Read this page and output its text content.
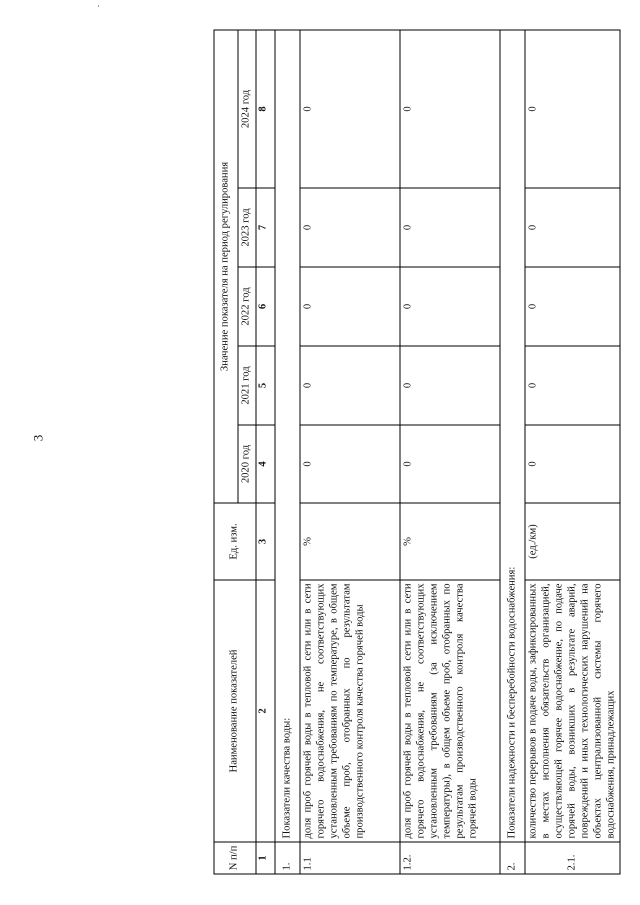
ˋ
3
N п/п	Наименование показателей	Ед. изм.	Значение показателя на период регулирования				
			2020 год	2021 год	2022 год	2023 год	2024 год
1	2	3	4	5	6	7	8
1.	Показатели качества воды:						
1.1	доля проб горячей воды в тепловой сети или в сети горячего водоснабжения, не соответствующих установленным требованиям по температуре, в общем объеме проб, отобранных по результатам производственного контроля качества горячей воды	%	0	0	0	0	0
1.2.	доля проб горячей воды в тепловой сети или в сети горячего водоснабжения, не соответствующих установленным требованиям (за исключением температуры), в общем объеме проб, отобранных по результатам производственного контроля качества горячей воды	%	0	0	0	0	0
2.	Показатели надежности и бесперебойности водоснабжения:						
2.1.	количество перерывов в подаче воды, зафиксированных в местах исполнения обязательств организацией, осуществляющей горячее водоснабжение, по подаче горячей воды, возникших в результате аварий, повреждений и иных технологических нарушений на объектах централизованной системы горячего водоснабжения, принадлежащих	(ед./км)	0	0	0	0	0
